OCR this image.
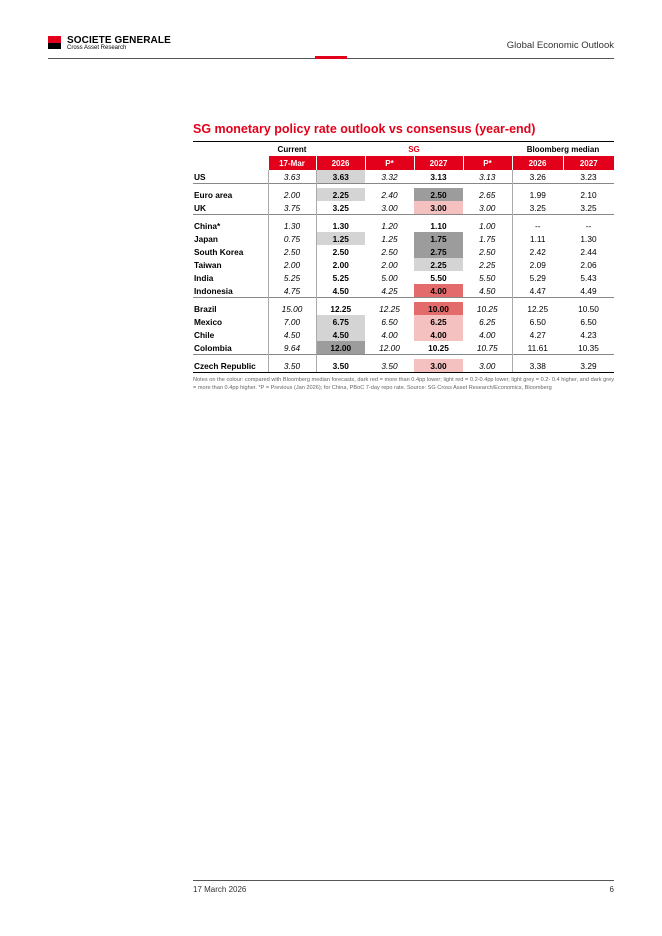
SOCIETE GENERALE
Cross Asset Research	Global Economic Outlook
SG monetary policy rate outlook vs consensus (year-end)
	Current	SG				Bloomberg median	
	17-Mar	2026	P*	2027	P*	2026	2027
US	3.63	3.63	3.32	3.13	3.13	3.26	3.23

Euro area	2.00	2.25	2.40	2.50	2.65	1.99	2.10
UK	3.75	3.25	3.00	3.00	3.00	3.25	3.25

China*	1.30	1.30	1.20	1.10	1.00	--	--
Japan	0.75	1.25	1.25	1.75	1.75	1.11	1.30
South Korea	2.50	2.50	2.50	2.75	2.50	2.42	2.44
Taiwan	2.00	2.00	2.00	2.25	2.25	2.09	2.06
India	5.25	5.25	5.00	5.50	5.50	5.29	5.43
Indonesia	4.75	4.50	4.25	4.00	4.50	4.47	4.49

Brazil	15.00	12.25	12.25	10.00	10.25	12.25	10.50
Mexico	7.00	6.75	6.50	6.25	6.25	6.50	6.50
Chile	4.50	4.50	4.00	4.00	4.00	4.27	4.23
Colombia	9.64	12.00	12.00	10.25	10.75	11.61	10.35

Czech Republic	3.50	3.50	3.50	3.00	3.00	3.38	3.29

Notes on the colour: compared with Bloomberg median forecasts, dark red = more than 0.4pp lower; light red = 0.2-0.4pp lower, light grey = 0.2- 0.4 higher, and dark grey = more than 0.4pp higher. *P = Previous (Jan 2026); for China, PBoC 7-day repo rate. Source: SG Cross Asset Research/Economics, Bloomberg
17 March 2026	6
